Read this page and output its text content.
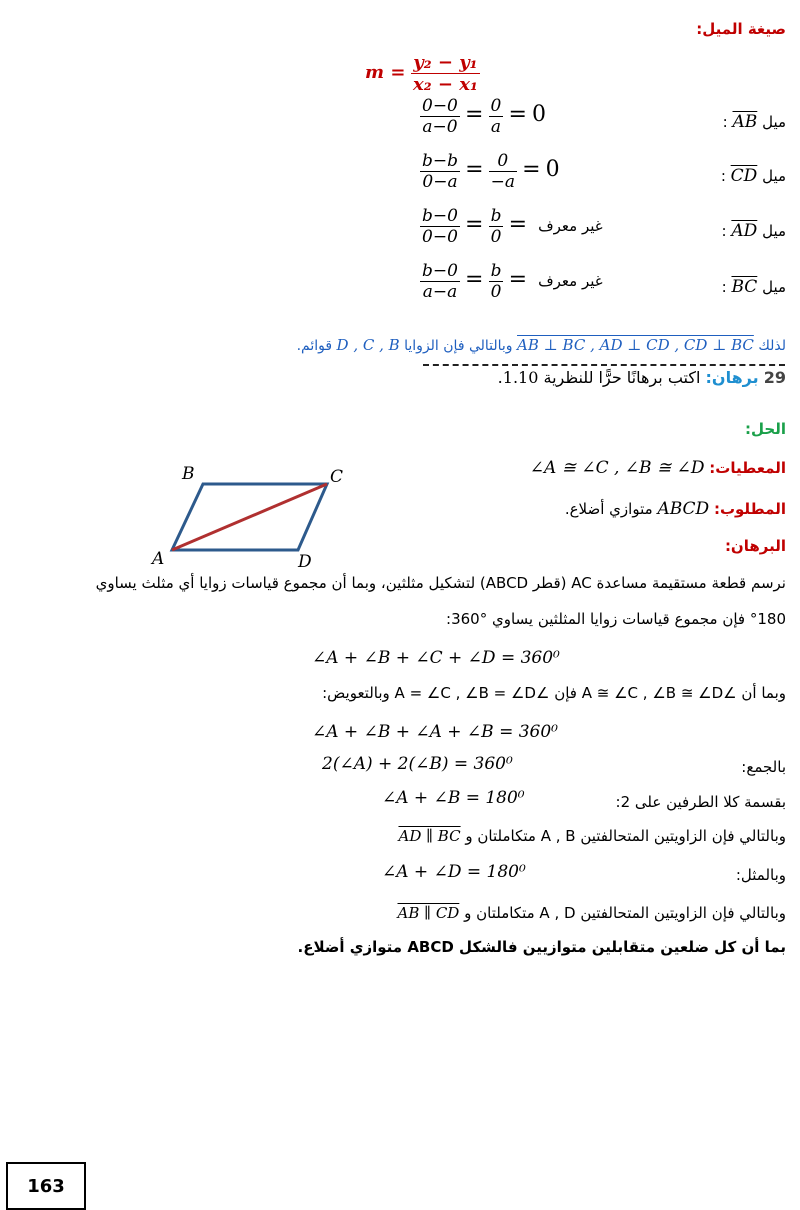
صيغة الميل:
$m = \frac{\text{y₂ − y₁}}{\text{x₂ − x₁}}$
$\frac{0-0}{a-0} = \frac{0}{a} = 0$	ميل AB :
$\frac{b-b}{0-a} = \frac{0}{-a} = 0$	ميل CD :
$\frac{b-0}{0-0} = \frac{b}{0}$ = غير معرف	ميل AD :
$\frac{b-0}{a-a} = \frac{b}{0}$ = غير معرف	ميل BC :
لذلك AB ⊥ BC , AD ⊥ CD , CD ⊥ BC وبالتالي فإن الزوايا D , C , B قوائم.
29 برهان: اكتب برهانًا حرًّا للنظرية 1.10.
الحل:
المعطيات: ∠A ≅ ∠C , ∠B ≅ ∠D
المطلوب: ABCD متوازي أضلاع.
البرهان:
B	C
A	D
نرسم قطعة مستقيمة مساعدة AC (قطر ABCD) لتشكيل مثلثين، وبما أن مجموع قياسات زوايا أي مثلث يساوي
°180 فإن مجموع قياسات زوايا المثلثين يساوي °360:
∠A + ∠B + ∠C + ∠D = 360⁰
وبما أن ∠A ≅ ∠C , ∠B ≅ ∠D فإن ∠A = ∠C , ∠B = ∠D وبالتعويض:
∠A + ∠B + ∠A + ∠B = 360⁰
بالجمع:
2(∠A) + 2(∠B) = 360⁰
بقسمة كلا الطرفين على 2:
∠A + ∠B = 180⁰
وبالتالي فإن الزاويتين المتحالفتين A , B متكاملتان و AD ∥ BC
وبالمثل:
∠A + ∠D = 180⁰
وبالتالي فإن الزاويتين المتحالفتين A , D متكاملتان و AB ∥ CD
بما أن كل ضلعين متقابلين متوازيين فالشكل ABCD متوازي أضلاع.
163
